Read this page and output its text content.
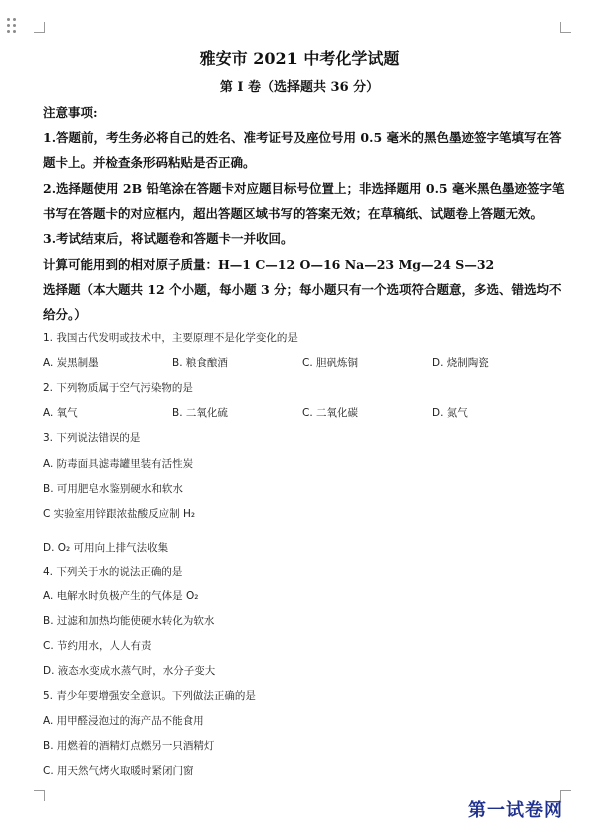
雅安市 2021 中考化学试题
第 I 卷（选择题共 36 分）
注意事项:
1.答题前，考生务必将自己的姓名、准考证号及座位号用 0.5 毫米的黑色墨迹签字笔填写在答
题卡上。并检查条形码粘贴是否正确。
2.选择题使用 2B 铅笔涂在答题卡对应题目标号位置上；非选择题用 0.5 毫米黑色墨迹签字笔
书写在答题卡的对应框内，超出答题区域书写的答案无效；在草稿纸、试题卷上答题无效。
3.考试结束后，将试题卷和答题卡一并收回。
计算可能用到的相对原子质量：H—1 C—12 O—16 Na—23 Mg—24 S—32
选择题（本大题共 12 个小题，每小题 3 分；每小题只有一个选项符合题意，多选、错选均不
给分。）
1. 我国古代发明或技术中，主要原理不是化学变化的是
A. 炭黑制墨	B. 粮食酿酒	C. 胆矾炼铜	D. 烧制陶瓷
2. 下列物质属于空气污染物的是
A. 氧气	B. 二氧化硫	C. 二氧化碳	D. 氮气
3. 下列说法错误的是
A. 防毒面具滤毒罐里装有活性炭
B. 可用肥皂水鉴别硬水和软水
C 实验室用锌跟浓盐酸反应制 H₂
D. O₂ 可用向上排气法收集
4. 下列关于水的说法正确的是
A. 电解水时负极产生的气体是 O₂
B. 过滤和加热均能使硬水转化为软水
C. 节约用水，人人有责
D. 液态水变成水蒸气时，水分子变大
5. 青少年要增强安全意识。下列做法正确的是
A. 用甲醛浸泡过的海产品不能食用
B. 用燃着的酒精灯点燃另一只酒精灯
C. 用天然气烤火取暖时紧闭门窗
第一试卷网
